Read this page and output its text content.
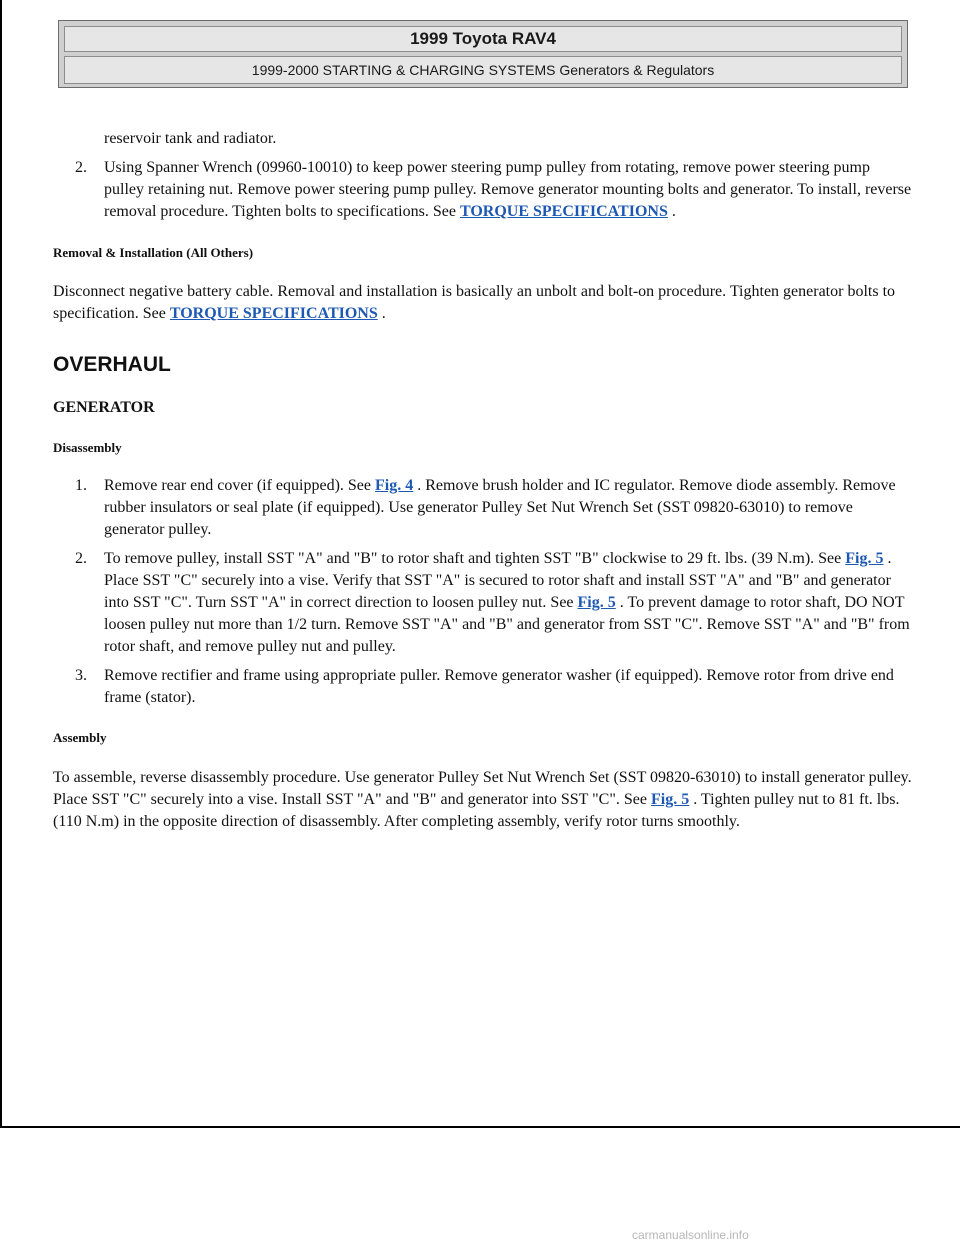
1999 Toyota RAV4
1999-2000 STARTING & CHARGING SYSTEMS Generators & Regulators

reservoir tank and radiator.

2. Using Spanner Wrench (09960-10010) to keep power steering pump pulley from rotating, remove power steering pump pulley retaining nut. Remove power steering pump pulley. Remove generator mounting bolts and generator. To install, reverse removal procedure. Tighten bolts to specifications. See TORQUE SPECIFICATIONS .
Removal & Installation (All Others)

Disconnect negative battery cable. Removal and installation is basically an unbolt and bolt-on procedure. Tighten generator bolts to specification. See TORQUE SPECIFICATIONS .

OVERHAUL
GENERATOR
Disassembly
1. Remove rear end cover (if equipped). See Fig. 4 . Remove brush holder and IC regulator. Remove diode assembly. Remove rubber insulators or seal plate (if equipped). Use generator Pulley Set Nut Wrench Set (SST 09820-63010) to remove generator pulley.
2. To remove pulley, install SST "A" and "B" to rotor shaft and tighten SST "B" clockwise to 29 ft. lbs. (39 N.m). See Fig. 5 . Place SST "C" securely into a vise. Verify that SST "A" is secured to rotor shaft and install SST "A" and "B" and generator into SST "C". Turn SST "A" in correct direction to loosen pulley nut. See Fig. 5 . To prevent damage to rotor shaft, DO NOT loosen pulley nut more than 1/2 turn. Remove SST "A" and "B" and generator from SST "C". Remove SST "A" and "B" from rotor shaft, and remove pulley nut and pulley.
3. Remove rectifier and frame using appropriate puller. Remove generator washer (if equipped). Remove rotor from drive end frame (stator).
Assembly

To assemble, reverse disassembly procedure. Use generator Pulley Set Nut Wrench Set (SST 09820-63010) to install generator pulley. Place SST "C" securely into a vise. Install SST "A" and "B" and generator into SST "C". See Fig. 5 . Tighten pulley nut to 81 ft. lbs. (110 N.m) in the opposite direction of disassembly. After completing assembly, verify rotor turns smoothly.

carmanualsonline.info
